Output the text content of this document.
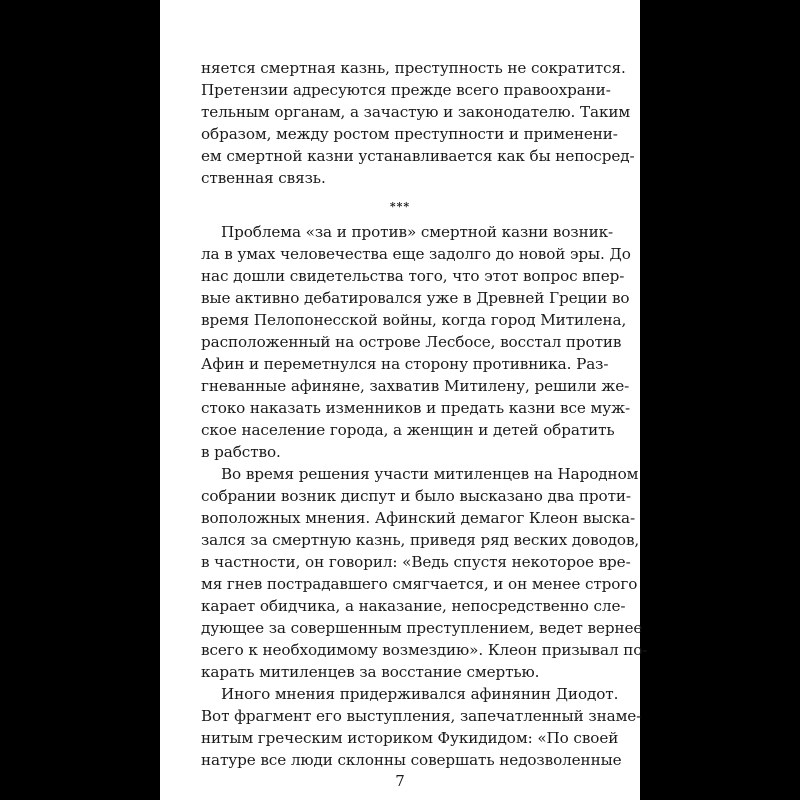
няется смертная казнь, преступность не сократится.
Претензии адресуются прежде всего правоохрани-
тельным органам, а зачастую и законодателю. Таким
образом, между ростом преступности и применени-
ем смертной казни устанавливается как бы непосред-
ственная связь.
***
Проблема «за и против» смертной казни возник-
ла в умах человечества еще задолго до новой эры. До
нас дошли свидетельства того, что этот вопрос впер-
вые активно дебатировался уже в Древней Греции во
время Пелопонесской войны, когда город Митилена,
расположенный на острове Лесбосе, восстал против
Афин и переметнулся на сторону противника. Раз-
гневанные афиняне, захватив Митилену, решили же-
стоко наказать изменников и предать казни все муж-
ское население города, а женщин и детей обратить
в рабство.
Во время решения участи митиленцев на Народном
собрании возник диспут и было высказано два проти-
воположных мнения. Афинский демагог Клеон выска-
зался за смертную казнь, приведя ряд веских доводов,
в частности, он говорил: «Ведь спустя некоторое вре-
мя гнев пострадавшего смягчается, и он менее строго
карает обидчика, а наказание, непосредственно сле-
дующее за совершенным преступлением, ведет вернее
всего к необходимому возмездию». Клеон призывал по-
карать митиленцев за восстание смертью.
Иного мнения придерживался афинянин Диодот.
Вот фрагмент его выступления, запечатленный знаме-
нитым греческим историком Фукидидом: «По своей
натуре все люди склонны совершать недозволенные
7
